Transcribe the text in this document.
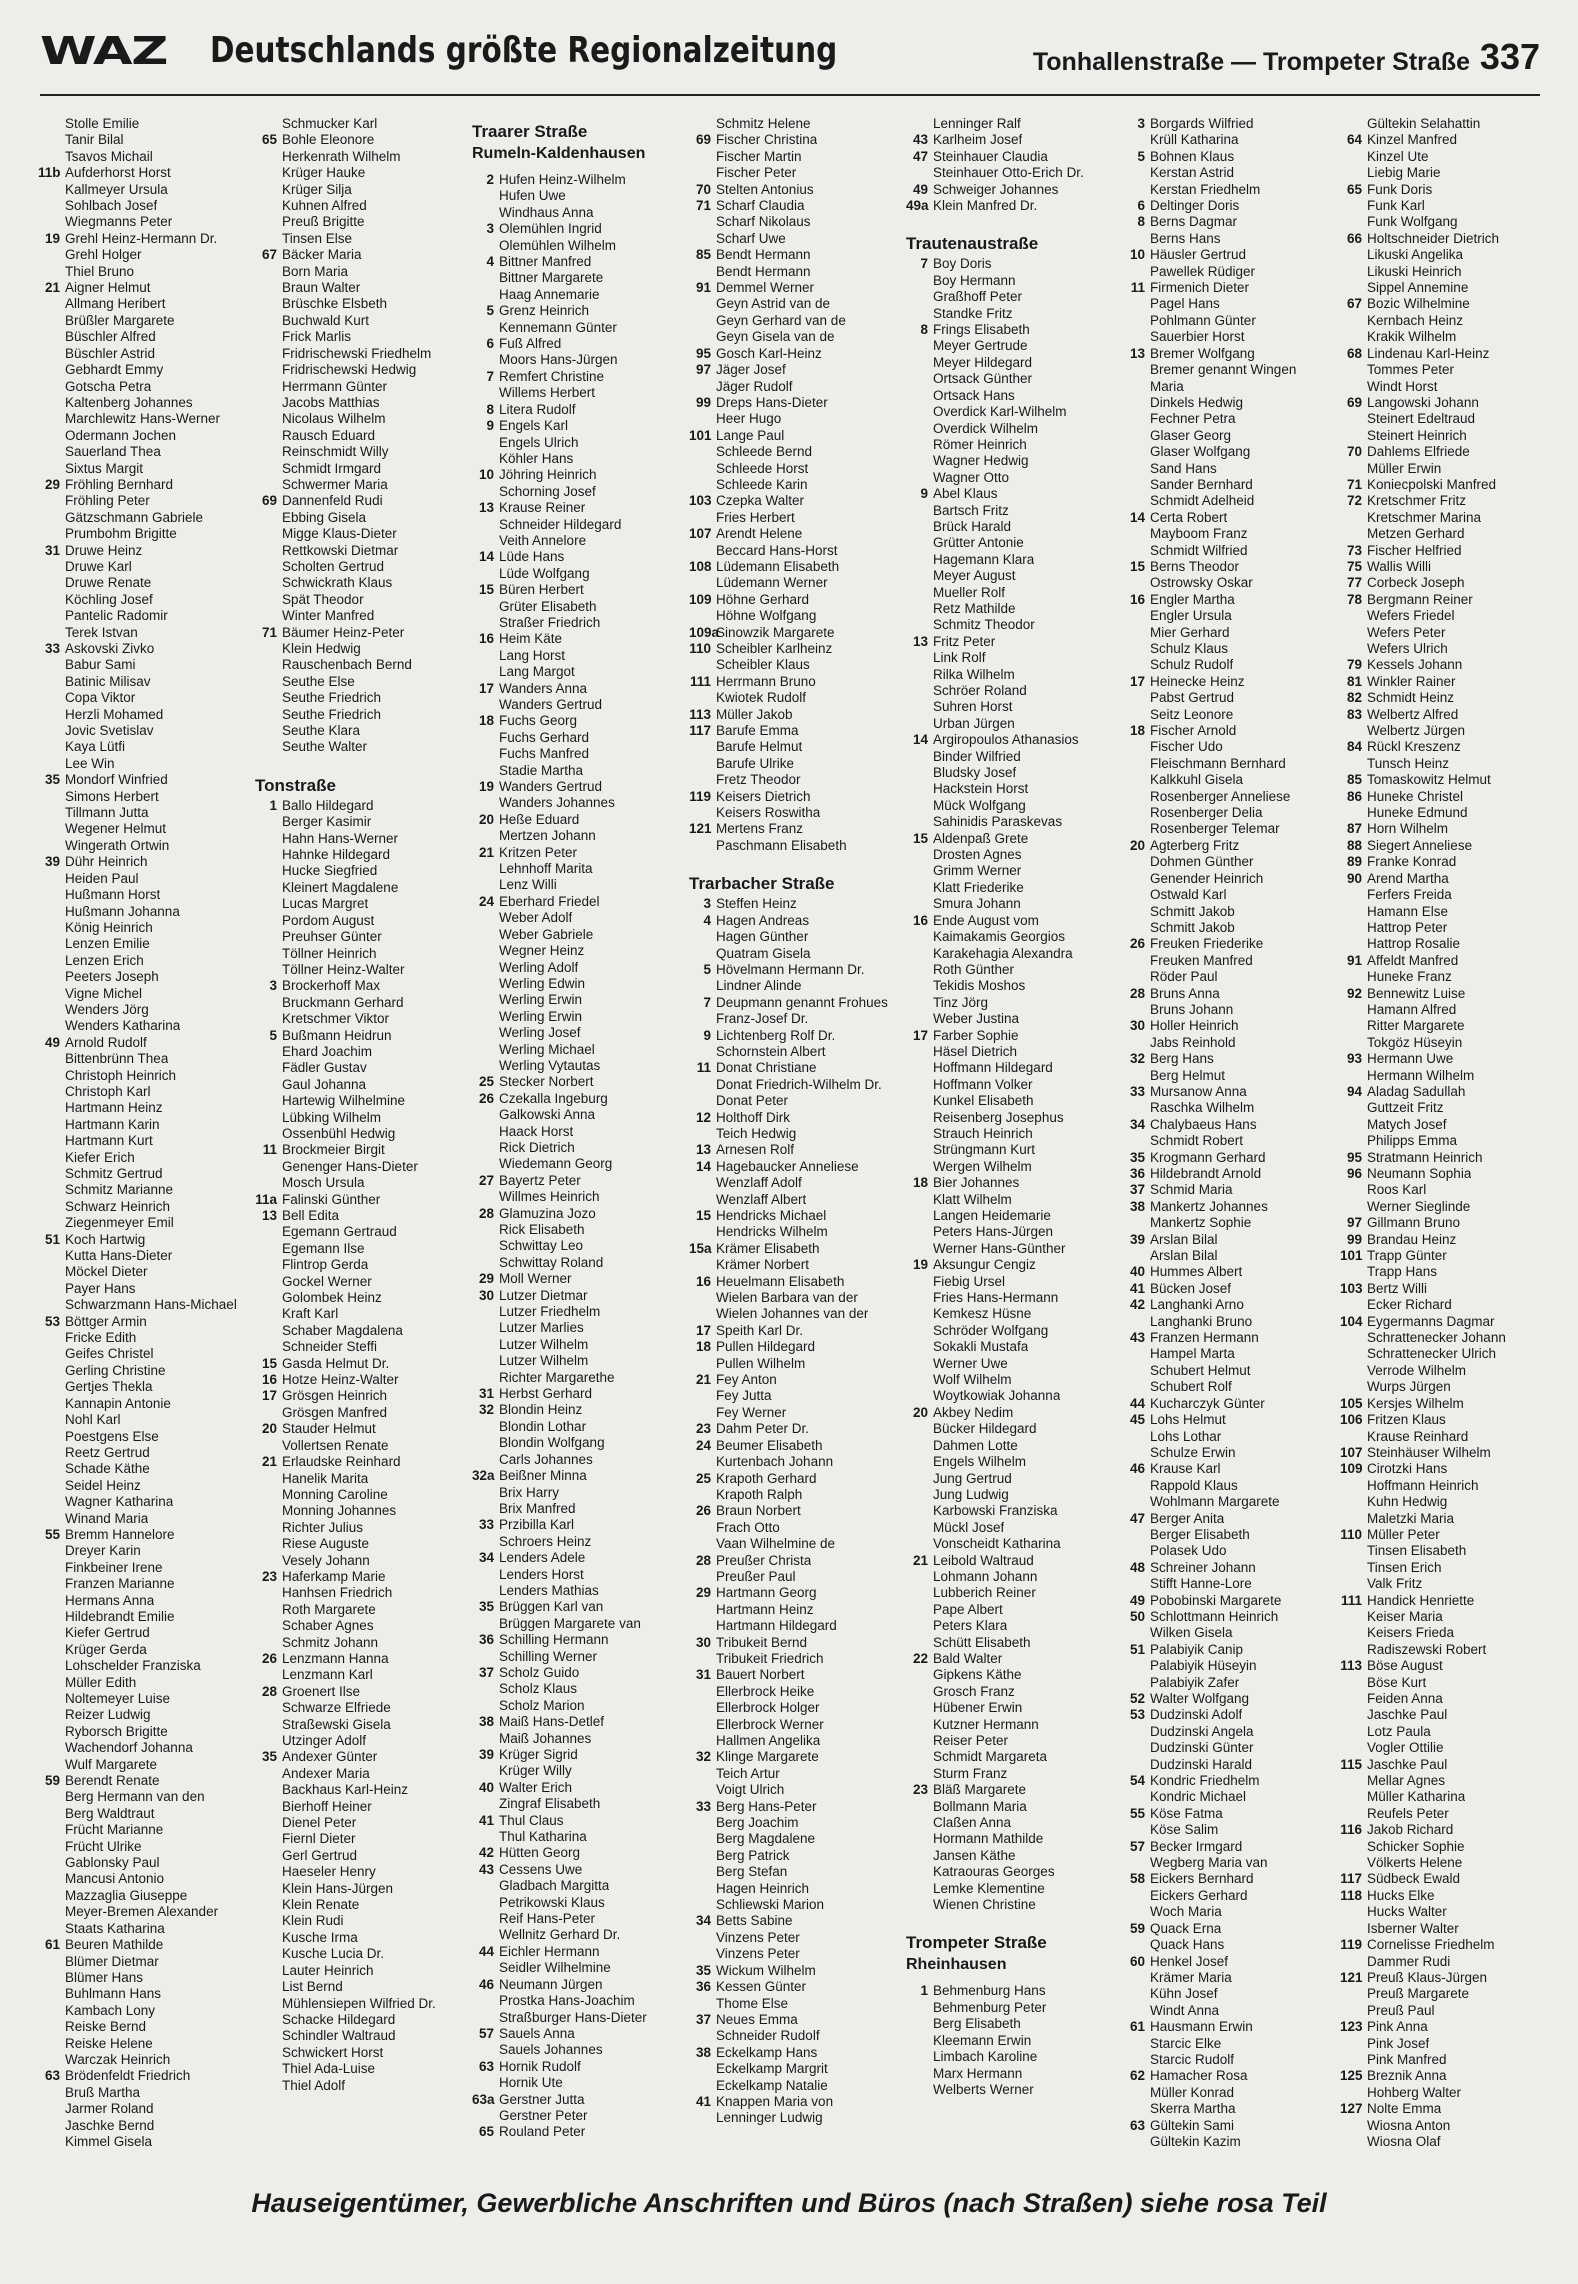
WAZ Deutschlands größte Regionalzeitung	Tonhallenstraße — Trompeter Straße 337
Stolle Emilie
Tanir Bilal
Tsavos Michail
11b Aufderhorst Horst
Kallmeyer Ursula
Sohlbach Josef
Wiegmanns Peter
19 Grehl Heinz-Hermann Dr.
Grehl Holger
Thiel Bruno
21 Aigner Helmut
Allmang Heribert
Brüßler Margarete
Büschler Alfred
Büschler Astrid
Gebhardt Emmy
Gotscha Petra
Kaltenberg Johannes
Marchlewitz Hans-Werner
Odermann Jochen
Sauerland Thea
Sixtus Margit
29 Fröhling Bernhard
Fröhling Peter
Gätzschmann Gabriele
Prumbohm Brigitte
31 Druwe Heinz
Druwe Karl
Druwe Renate
Köchling Josef
Pantelic Radomir
Terek Istvan
33 Askovski Zivko
Babur Sami
Batinic Milisav
Copa Viktor
Herzli Mohamed
Jovic Svetislav
Kaya Lütfi
Lee Win
35 Mondorf Winfried
Simons Herbert
Tillmann Jutta
Wegener Helmut
Wingerath Ortwin
39 Dühr Heinrich
Heiden Paul
Hußmann Horst
Hußmann Johanna
König Heinrich
Lenzen Emilie
Lenzen Erich
Peeters Joseph
Vigne Michel
Wenders Jörg
Wenders Katharina
49 Arnold Rudolf
Bittenbrünn Thea
Christoph Heinrich
Christoph Karl
Hartmann Heinz
Hartmann Karin
Hartmann Kurt
Kiefer Erich
Schmitz Gertrud
Schmitz Marianne
Schwarz Heinrich
Ziegenmeyer Emil
51 Koch Hartwig
Kutta Hans-Dieter
Möckel Dieter
Payer Hans
Schwarzmann Hans-Michael
53 Böttger Armin
Fricke Edith
Geifes Christel
Gerling Christine
Gertjes Thekla
Kannapin Antonie
Nohl Karl
Poestgens Else
Reetz Gertrud
Schade Käthe
Seidel Heinz
Wagner Katharina
Winand Maria
55 Bremm Hannelore
Dreyer Karin
Finkbeiner Irene
Franzen Marianne
Hermans Anna
Hildebrandt Emilie
Kiefer Gertrud
Krüger Gerda
Lohschelder Franziska
Müller Edith
Noltemeyer Luise
Reizer Ludwig
Ryborsch Brigitte
Wachendorf Johanna
Wulf Margarete
59 Berendt Renate
Berg Hermann van den
Berg Waldtraut
Frücht Marianne
Frücht Ulrike
Gablonsky Paul
Mancusi Antonio
Mazzaglia Giuseppe
Meyer-Bremen Alexander
Staats Katharina
61 Beuren Mathilde
Blümer Dietmar
Blümer Hans
Buhlmann Hans
Kambach Lony
Reiske Bernd
Reiske Helene
Warczak Heinrich
63 Brödenfeldt Friedrich
Bruß Martha
Jarmer Roland
Jaschke Bernd
Kimmel Gisela
Schmucker Karl
65 Bohle Eleonore
Herkenrath Wilhelm
Krüger Hauke
Krüger Silja
Kuhnen Alfred
Preuß Brigitte
Tinsen Else
67 Bäcker Maria
Born Maria
Braun Walter
Brüschke Elsbeth
Buchwald Kurt
Frick Marlis
Fridrischewski Friedhelm
Fridrischewski Hedwig
Herrmann Günter
Jacobs Matthias
Nicolaus Wilhelm
Rausch Eduard
Reinschmidt Willy
Schmidt Irmgard
Schwermer Maria
69 Dannenfeld Rudi
Ebbing Gisela
Migge Klaus-Dieter
Rettkowski Dietmar
Scholten Gertrud
Schwickrath Klaus
Spät Theodor
Winter Manfred
71 Bäumer Heinz-Peter
Klein Hedwig
Rauschenbach Bernd
Seuthe Else
Seuthe Friedrich
Seuthe Friedrich
Seuthe Klara
Seuthe Walter
Tonstraße
1 Ballo Hildegard
Berger Kasimir
Hahn Hans-Werner
Hahnke Hildegard
Hucke Siegfried
Kleinert Magdalene
Lucas Margret
Pordom August
Preuhser Günter
Töllner Heinrich
Töllner Heinz-Walter
3 Brockerhoff Max
Bruckmann Gerhard
Kretschmer Viktor
5 Bußmann Heidrun
Ehard Joachim
Fädler Gustav
Gaul Johanna
Hartewig Wilhelmine
Lübking Wilhelm
Ossenbühl Hedwig
11 Brockmeier Birgit
Genenger Hans-Dieter
Mosch Ursula
11a Falinski Günther
13 Bell Edita
Egemann Gertraud
Egemann Ilse
Flintrop Gerda
Gockel Werner
Golombek Heinz
Kraft Karl
Schaber Magdalena
Schneider Steffi
15 Gasda Helmut Dr.
16 Hotze Heinz-Walter
17 Grösgen Heinrich
Grösgen Manfred
20 Stauder Helmut
Vollertsen Renate
21 Erlaudske Reinhard
Hanelik Marita
Monning Caroline
Monning Johannes
Richter Julius
Riese Auguste
Vesely Johann
23 Haferkamp Marie
Hanhsen Friedrich
Roth Margarete
Schaber Agnes
Schmitz Johann
26 Lenzmann Hanna
Lenzmann Karl
28 Groenert Ilse
Schwarze Elfriede
Straßewski Gisela
Utzinger Adolf
35 Andexer Günter
Andexer Maria
Backhaus Karl-Heinz
Bierhoff Heiner
Dienel Peter
Fiernl Dieter
Gerl Gertrud
Haeseler Henry
Klein Hans-Jürgen
Klein Renate
Klein Rudi
Kusche Irma
Kusche Lucia Dr.
Lauter Heinrich
List Bernd
Mühlensiepen Wilfried Dr.
Schacke Hildegard
Schindler Waltraud
Schwickert Horst
Thiel Ada-Luise
Thiel Adolf
Traarer Straße
Rumeln-Kaldenhausen
2 Hufen Heinz-Wilhelm
Hufen Uwe
Windhaus Anna
3 Olemühlen Ingrid
Olemühlen Wilhelm
4 Bittner Manfred
Bittner Margarete
Haag Annemarie
5 Grenz Heinrich
Kennemann Günter
6 Fuß Alfred
Moors Hans-Jürgen
7 Remfert Christine
Willems Herbert
8 Litera Rudolf
9 Engels Karl
Engels Ulrich
Köhler Hans
10 Jöhring Heinrich
Schorning Josef
13 Krause Reiner
Schneider Hildegard
Veith Annelore
14 Lüde Hans
Lüde Wolfgang
15 Büren Herbert
Grüter Elisabeth
Straßer Friedrich
16 Heim Käte
Lang Horst
Lang Margot
17 Wanders Anna
Wanders Gertrud
18 Fuchs Georg
Fuchs Gerhard
Fuchs Manfred
Stadie Martha
19 Wanders Gertrud
Wanders Johannes
20 Heße Eduard
Mertzen Johann
21 Kritzen Peter
Lehnhoff Marita
Lenz Willi
24 Eberhard Friedel
Weber Adolf
Weber Gabriele
Wegner Heinz
Werling Adolf
Werling Edwin
Werling Erwin
Werling Erwin
Werling Josef
Werling Michael
Werling Vytautas
25 Stecker Norbert
26 Czekalla Ingeburg
Galkowski Anna
Haack Horst
Rick Dietrich
Wiedemann Georg
27 Bayertz Peter
Willmes Heinrich
28 Glamuzina Jozo
Rick Elisabeth
Schwittay Leo
Schwittay Roland
29 Moll Werner
30 Lutzer Dietmar
Lutzer Friedhelm
Lutzer Marlies
Lutzer Wilhelm
Lutzer Wilhelm
Richter Margarethe
31 Herbst Gerhard
32 Blondin Heinz
Blondin Lothar
Blondin Wolfgang
Carls Johannes
32a Beißner Minna
Brix Harry
Brix Manfred
33 Przibilla Karl
Schroers Heinz
34 Lenders Adele
Lenders Horst
Lenders Mathias
35 Brüggen Karl van
Brüggen Margarete van
36 Schilling Hermann
Schilling Werner
37 Scholz Guido
Scholz Klaus
Scholz Marion
38 Maiß Hans-Detlef
Maiß Johannes
39 Krüger Sigrid
Krüger Willy
40 Walter Erich
Zingraf Elisabeth
41 Thul Claus
Thul Katharina
42 Hütten Georg
43 Cessens Uwe
Gladbach Margitta
Petrikowski Klaus
Reif Hans-Peter
Wellnitz Gerhard Dr.
44 Eichler Hermann
Seidler Wilhelmine
46 Neumann Jürgen
Prostka Hans-Joachim
Straßburger Hans-Dieter
57 Sauels Anna
Sauels Johannes
63 Hornik Rudolf
Hornik Ute
63a Gerstner Jutta
Gerstner Peter
65 Rouland Peter
Schmitz Helene
69 Fischer Christina
Fischer Martin
Fischer Peter
70 Stelten Antonius
71 Scharf Claudia
Scharf Nikolaus
Scharf Uwe
85 Bendt Hermann
Bendt Hermann
91 Demmel Werner
Geyn Astrid van de
Geyn Gerhard van de
Geyn Gisela van de
95 Gosch Karl-Heinz
97 Jäger Josef
Jäger Rudolf
99 Dreps Hans-Dieter
Heer Hugo
101 Lange Paul
Schleede Bernd
Schleede Horst
Schleede Karin
103 Czepka Walter
Fries Herbert
107 Arendt Helene
Beccard Hans-Horst
108 Lüdemann Elisabeth
Lüdemann Werner
109 Höhne Gerhard
Höhne Wolfgang
109a
Sinowzik Margarete
110 Scheibler Karlheinz
Scheibler Klaus
111 Herrmann Bruno
Kwiotek Rudolf
113 Müller Jakob
117 Barufe Emma
Barufe Helmut
Barufe Ulrike
Fretz Theodor
119 Keisers Dietrich
Keisers Roswitha
121 Mertens Franz
Paschmann Elisabeth
Trarbacher Straße
3 Steffen Heinz
4 Hagen Andreas
Hagen Günther
Quatram Gisela
5 Hövelmann Hermann Dr.
Lindner Alinde
7 Deupmann genannt Frohues
Franz-Josef Dr.
9 Lichtenberg Rolf Dr.
Schornstein Albert
11 Donat Christiane
Donat Friedrich-Wilhelm Dr.
Donat Peter
12 Holthoff Dirk
Teich Hedwig
13 Arnesen Rolf
14 Hagebaucker Anneliese
Wenzlaff Adolf
Wenzlaff Albert
15 Hendricks Michael
Hendricks Wilhelm
15a Krämer Elisabeth
Krämer Norbert
16 Heuelmann Elisabeth
Wielen Barbara van der
Wielen Johannes van der
17 Speith Karl Dr.
18 Pullen Hildegard
Pullen Wilhelm
21 Fey Anton
Fey Jutta
Fey Werner
23 Dahm Peter Dr.
24 Beumer Elisabeth
Kurtenbach Johann
25 Krapoth Gerhard
Krapoth Ralph
26 Braun Norbert
Frach Otto
Vaan Wilhelmine de
28 Preußer Christa
Preußer Paul
29 Hartmann Georg
Hartmann Heinz
Hartmann Hildegard
30 Tribukeit Bernd
Tribukeit Friedrich
31 Bauert Norbert
Ellerbrock Heike
Ellerbrock Holger
Ellerbrock Werner
Hallmen Angelika
32 Klinge Margarete
Teich Artur
Voigt Ulrich
33 Berg Hans-Peter
Berg Joachim
Berg Magdalene
Berg Patrick
Berg Stefan
Hagen Heinrich
Schliewski Marion
34 Betts Sabine
Vinzens Peter
Vinzens Peter
35 Wickum Wilhelm
36 Kessen Günter
Thome Else
37 Neues Emma
Schneider Rudolf
38 Eckelkamp Hans
Eckelkamp Margrit
Eckelkamp Natalie
41 Knappen Maria von
Lenninger Ludwig
Lenninger Ralf
43 Karlheim Josef
47 Steinhauer Claudia
Steinhauer Otto-Erich Dr.
49 Schweiger Johannes
49a Klein Manfred Dr.
Trautenaustraße
7 Boy Doris
Boy Hermann
Graßhoff Peter
Standke Fritz
8 Frings Elisabeth
Meyer Gertrude
Meyer Hildegard
Ortsack Günther
Ortsack Hans
Overdick Karl-Wilhelm
Overdick Wilhelm
Römer Heinrich
Wagner Hedwig
Wagner Otto
9 Abel Klaus
Bartsch Fritz
Brück Harald
Grütter Antonie
Hagemann Klara
Meyer August
Mueller Rolf
Retz Mathilde
Schmitz Theodor
13 Fritz Peter
Link Rolf
Rilka Wilhelm
Schröer Roland
Suhren Horst
Urban Jürgen
14 Argiropoulos Athanasios
Binder Wilfried
Bludsky Josef
Hackstein Horst
Mück Wolfgang
Sahinidis Paraskevas
15 Aldenpaß Grete
Drosten Agnes
Grimm Werner
Klatt Friederike
Smura Johann
16 Ende August vom
Kaimakamis Georgios
Karakehagia Alexandra
Roth Günther
Tekidis Moshos
Tinz Jörg
Weber Justina
17 Farber Sophie
Häsel Dietrich
Hoffmann Hildegard
Hoffmann Volker
Kunkel Elisabeth
Reisenberg Josephus
Strauch Heinrich
Strüngmann Kurt
Wergen Wilhelm
18 Bier Johannes
Klatt Wilhelm
Langen Heidemarie
Peters Hans-Jürgen
Werner Hans-Günther
19 Aksungur Cengiz
Fiebig Ursel
Fries Hans-Hermann
Kemkesz Hüsne
Schröder Wolfgang
Sokakli Mustafa
Werner Uwe
Wolf Wilhelm
Woytkowiak Johanna
20 Akbey Nedim
Bücker Hildegard
Dahmen Lotte
Engels Wilhelm
Jung Gertrud
Jung Ludwig
Karbowski Franziska
Mückl Josef
Vonscheidt Katharina
21 Leibold Waltraud
Lohmann Johann
Lubberich Reiner
Pape Albert
Peters Klara
Schütt Elisabeth
22 Bald Walter
Gipkens Käthe
Grosch Franz
Hübener Erwin
Kutzner Hermann
Reiser Peter
Schmidt Margareta
Sturm Franz
23 Bläß Margarete
Bollmann Maria
Claßen Anna
Hormann Mathilde
Jansen Käthe
Katraouras Georges
Lemke Klementine
Wienen Christine
Trompeter Straße
Rheinhausen
1 Behmenburg Hans
Behmenburg Peter
Berg Elisabeth
Kleemann Erwin
Limbach Karoline
Marx Hermann
Welberts Werner
3 Borgards Wilfried
Krüll Katharina
5 Bohnen Klaus
Kerstan Astrid
Kerstan Friedhelm
6 Deltinger Doris
8 Berns Dagmar
Berns Hans
10 Häusler Gertrud
Pawellek Rüdiger
11 Firmenich Dieter
Pagel Hans
Pohlmann Günter
Sauerbier Horst
13 Bremer Wolfgang
Bremer genannt Wingen
Maria
Dinkels Hedwig
Fechner Petra
Glaser Georg
Glaser Wolfgang
Sand Hans
Sander Bernhard
Schmidt Adelheid
14 Certa Robert
Mayboom Franz
Schmidt Wilfried
15 Berns Theodor
Ostrowsky Oskar
16 Engler Martha
Engler Ursula
Mier Gerhard
Schulz Klaus
Schulz Rudolf
17 Heinecke Heinz
Pabst Gertrud
Seitz Leonore
18 Fischer Arnold
Fischer Udo
Fleischmann Bernhard
Kalkkuhl Gisela
Rosenberger Anneliese
Rosenberger Delia
Rosenberger Telemar
20 Agterberg Fritz
Dohmen Günther
Genender Heinrich
Ostwald Karl
Schmitt Jakob
Schmitt Jakob
26 Freuken Friederike
Freuken Manfred
Röder Paul
28 Bruns Anna
Bruns Johann
30 Holler Heinrich
Jabs Reinhold
32 Berg Hans
Berg Helmut
33 Mursanow Anna
Raschka Wilhelm
34 Chalybaeus Hans
Schmidt Robert
35 Krogmann Gerhard
36 Hildebrandt Arnold
37 Schmid Maria
38 Mankertz Johannes
Mankertz Sophie
39 Arslan Bilal
Arslan Bilal
40 Hummes Albert
41 Bücken Josef
42 Langhanki Arno
Langhanki Bruno
43 Franzen Hermann
Hampel Marta
Schubert Helmut
Schubert Rolf
44 Kucharczyk Günter
45 Lohs Helmut
Lohs Lothar
Schulze Erwin
46 Krause Karl
Rappold Klaus
Wohlmann Margarete
47 Berger Anita
Berger Elisabeth
Polasek Udo
48 Schreiner Johann
Stifft Hanne-Lore
49 Pobobinski Margarete
50 Schlottmann Heinrich
Wilken Gisela
51 Palabiyik Canip
Palabiyik Hüseyin
Palabiyik Zafer
52 Walter Wolfgang
53 Dudzinski Adolf
Dudzinski Angela
Dudzinski Günter
Dudzinski Harald
54 Kondric Friedhelm
Kondric Michael
55 Köse Fatma
Köse Salim
57 Becker Irmgard
Wegberg Maria van
58 Eickers Bernhard
Eickers Gerhard
Woch Maria
59 Quack Erna
Quack Hans
60 Henkel Josef
Krämer Maria
Kühn Josef
Windt Anna
61 Hausmann Erwin
Starcic Elke
Starcic Rudolf
62 Hamacher Rosa
Müller Konrad
Skerra Martha
63 Gültekin Sami
Gültekin Kazim
Gültekin Selahattin
64 Kinzel Manfred
Kinzel Ute
Liebig Marie
65 Funk Doris
Funk Karl
Funk Wolfgang
66 Holtschneider Dietrich
Likuski Angelika
Likuski Heinrich
Sippel Annemine
67 Bozic Wilhelmine
Kernbach Heinz
Krakik Wilhelm
68 Lindenau Karl-Heinz
Tommes Peter
Windt Horst
69 Langowski Johann
Steinert Edeltraud
Steinert Heinrich
70 Dahlems Elfriede
Müller Erwin
71 Koniecpolski Manfred
72 Kretschmer Fritz
Kretschmer Marina
Metzen Gerhard
73 Fischer Helfried
75 Wallis Willi
77 Corbeck Joseph
78 Bergmann Reiner
Wefers Friedel
Wefers Peter
Wefers Ulrich
79 Kessels Johann
81 Winkler Rainer
82 Schmidt Heinz
83 Welbertz Alfred
Welbertz Jürgen
84 Rückl Kreszenz
Tunsch Heinz
85 Tomaskowitz Helmut
86 Huneke Christel
Huneke Edmund
87 Horn Wilhelm
88 Siegert Anneliese
89 Franke Konrad
90 Arend Martha
Ferfers Freida
Hamann Else
Hattrop Peter
Hattrop Rosalie
91 Affeldt Manfred
Huneke Franz
92 Bennewitz Luise
Hamann Alfred
Ritter Margarete
Tokgöz Hüseyin
93 Hermann Uwe
Hermann Wilhelm
94 Aladag Sadullah
Guttzeit Fritz
Matych Josef
Philipps Emma
95 Stratmann Heinrich
96 Neumann Sophia
Roos Karl
Werner Sieglinde
97 Gillmann Bruno
99 Brandau Heinz
101 Trapp Günter
Trapp Hans
103 Bertz Willi
Ecker Richard
104 Eygermanns Dagmar
Schrattenecker Johann
Schrattenecker Ulrich
Verrode Wilhelm
Wurps Jürgen
105 Kersjes Wilhelm
106 Fritzen Klaus
Krause Reinhard
107 Steinhäuser Wilhelm
109 Cirotzki Hans
Hoffmann Heinrich
Kuhn Hedwig
Maletzki Maria
110 Müller Peter
Tinsen Elisabeth
Tinsen Erich
Valk Fritz
111 Handick Henriette
Keiser Maria
Keisers Frieda
Radiszewski Robert
113 Böse August
Böse Kurt
Feiden Anna
Jaschke Paul
Lotz Paula
Vogler Ottilie
115 Jaschke Paul
Mellar Agnes
Müller Katharina
Reufels Peter
116 Jakob Richard
Schicker Sophie
Völkerts Helene
117 Südbeck Ewald
118 Hucks Elke
Hucks Walter
Isberner Walter
119 Cornelisse Friedhelm
Dammer Rudi
121 Preuß Klaus-Jürgen
Preuß Margarete
Preuß Paul
123 Pink Anna
Pink Josef
Pink Manfred
125 Breznik Anna
Hohberg Walter
127 Nolte Emma
Wiosna Anton
Wiosna Olaf
Hauseigentümer, Gewerbliche Anschriften und Büros (nach Straßen) siehe rosa Teil
